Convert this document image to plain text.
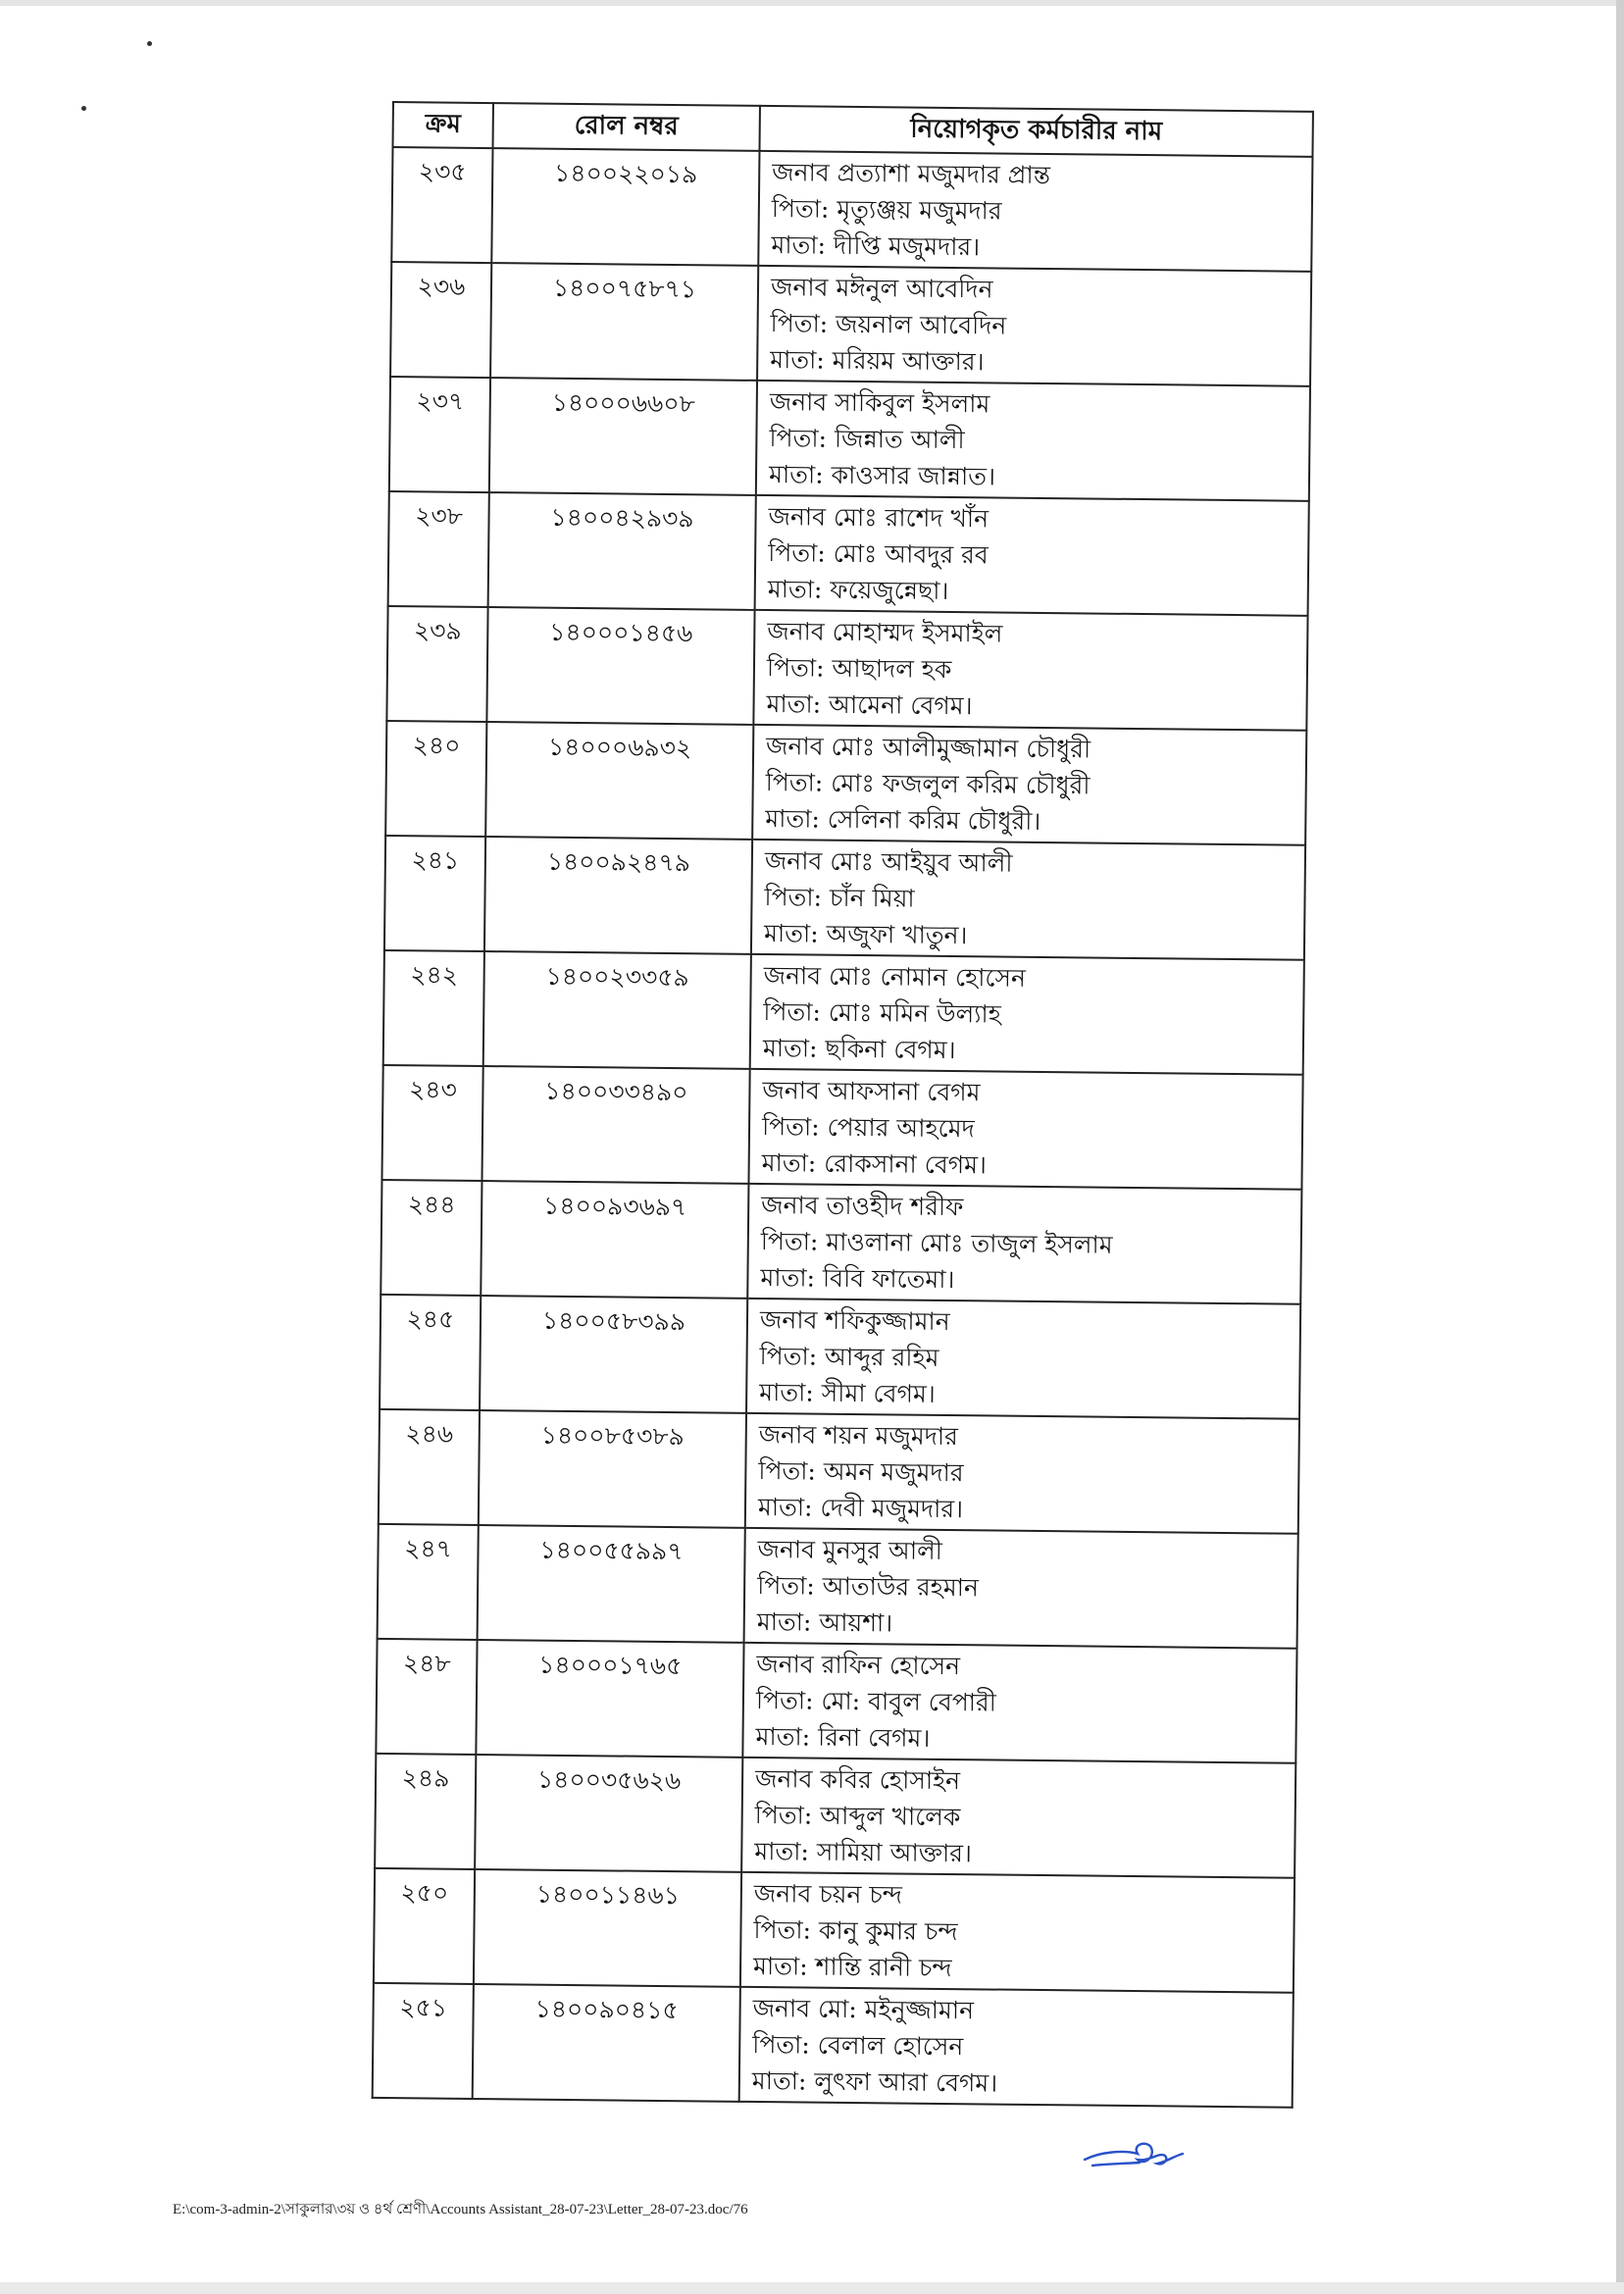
ক্রম	রোল নম্বর	নিয়োগকৃত কর্মচারীর নাম
২৩৫	১৪০০২২০১৯	জনাব প্রত্যাশা মজুমদার প্রান্ত
পিতা: মৃত্যুঞ্জয় মজুমদার
মাতা: দীপ্তি মজুমদার।

২৩৬	১৪০০৭৫৮৭১	জনাব মঈনুল আবেদিন
পিতা: জয়নাল আবেদিন
মাতা: মরিয়ম আক্তার।

২৩৭	১৪০০০৬৬০৮	জনাব সাকিবুল ইসলাম
পিতা: জিন্নাত আলী
মাতা: কাওসার জান্নাত।

২৩৮	১৪০০৪২৯৩৯	জনাব মোঃ রাশেদ খাঁন
পিতা: মোঃ আবদুর রব
মাতা: ফয়েজুন্নেছা।

২৩৯	১৪০০০১৪৫৬	জনাব মোহাম্মদ ইসমাইল
পিতা: আছাদল হক
মাতা: আমেনা বেগম।

২৪০	১৪০০০৬৯৩২	জনাব মোঃ আলীমুজ্জামান চৌধুরী
পিতা: মোঃ ফজলুল করিম চৌধুরী
মাতা: সেলিনা করিম চৌধুরী।

২৪১	১৪০০৯২৪৭৯	জনাব মোঃ আইয়ুব আলী
পিতা: চাঁন মিয়া
মাতা: অজুফা খাতুন।

২৪২	১৪০০২৩৩৫৯	জনাব মোঃ নোমান হোসেন
পিতা: মোঃ মমিন উল্যাহ
মাতা: ছকিনা বেগম।

২৪৩	১৪০০৩৩৪৯০	জনাব আফসানা বেগম
পিতা: পেয়ার আহমেদ
মাতা: রোকসানা বেগম।

২৪৪	১৪০০৯৩৬৯৭	জনাব তাওহীদ শরীফ
পিতা: মাওলানা মোঃ তাজুল ইসলাম
মাতা: বিবি ফাতেমা।

২৪৫	১৪০০৫৮৩৯৯	জনাব শফিকুজ্জামান
পিতা: আব্দুর রহিম
মাতা: সীমা বেগম।

২৪৬	১৪০০৮৫৩৮৯	জনাব শয়ন মজুমদার
পিতা: অমন মজুমদার
মাতা: দেবী মজুমদার।

২৪৭	১৪০০৫৫৯৯৭	জনাব মুনসুর আলী
পিতা: আতাউর রহমান
মাতা: আয়শা।

২৪৮	১৪০০০১৭৬৫	জনাব রাফিন হোসেন
পিতা: মো: বাবুল বেপারী
মাতা: রিনা বেগম।

২৪৯	১৪০০৩৫৬২৬	জনাব কবির হোসাইন
পিতা: আব্দুল খালেক
মাতা: সামিয়া আক্তার।

২৫০	১৪০০১১৪৬১	জনাব চয়ন চন্দ
পিতা: কানু কুমার চন্দ
মাতা: শান্তি রানী চন্দ

২৫১	১৪০০৯০৪১৫	জনাব মো: মইনুজ্জামান
পিতা: বেলাল হোসেন
মাতা: লুৎফা আরা বেগম।
E:\com-3-admin-2\সাকুলার\৩য় ও ৪র্থ শ্রেণী\Accounts Assistant_28-07-23\Letter_28-07-23.doc/76
